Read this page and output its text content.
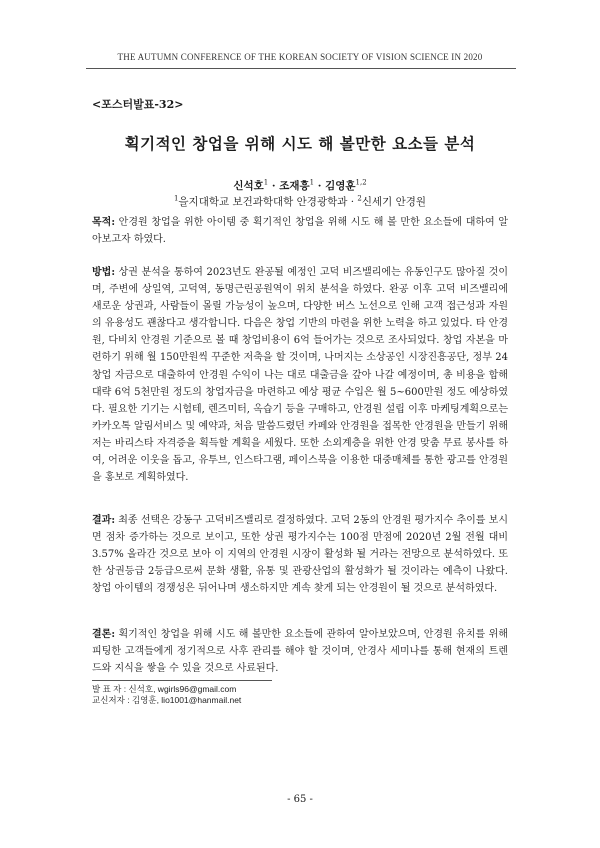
THE AUTUMN CONFERENCE OF THE KOREAN SOCIETY OF VISION SCIENCE IN 2020
<포스터발표-32>
획기적인 창업을 위해 시도 해 볼만한 요소들 분석
신석호$^1$ · 조재흥$^1$ · 김영훈$^{1,2}$
$^1$을지대학교 보건과학대학 안경광학과 · $^2$신세기 안경원
목적: 안경원 창업을 위한 아이템 중 획기적인 창업을 위해 시도 해 볼 만한 요소들에 대하여 알아보고자 하였다.
방법: 상권 분석을 통하여 2023년도 완공될 예정인 고덕 비즈밸리에는 유동인구도 많아질 것이며, 주변에 상일역, 고덕역, 동명근린공원역이 위치 분석을 하였다. 완공 이후 고덕 비즈밸리에 새로운 상권과, 사람들이 몰릴 가능성이 높으며, 다양한 버스 노선으로 인해 고객 접근성과 자원의 유용성도 괜찮다고 생각합니다. 다음은 창업 기반의 마련을 위한 노력을 하고 있었다. 타 안경원, 다비치 안경원 기준으로 볼 때 창업비용이 6억 들어가는 것으로 조사되었다. 창업 자본을 마련하기 위해 월 150만원씩 꾸준한 저축을 할 것이며, 나머지는 소상공인 시장진흥공단, 정부 24 창업 자금으로 대출하여 안경원 수익이 나는 대로 대출금을 갚아 나갈 예정이며, 총 비용을 합해 대략 6억 5천만원 정도의 창업자금을 마련하고 예상 평균 수입은 월 5~600만원 정도 예상하였다. 필요한 기기는 시험테, 렌즈미터, 옥습기 등을 구매하고, 안경원 설립 이후 마케팅계획으로는 카카오톡 알림서비스 및 예약과, 처음 말씀드렸던 카페와 안경원을 접목한 안경원을 만들기 위해 저는 바리스타 자격증을 획득할 계획을 세웠다. 또한 소외계층을 위한 안경 맞춤 무료 봉사를 하여, 어려운 이웃을 돕고, 유투브, 인스타그램, 페이스북을 이용한 대중매체를 통한 광고를 안경원을 홍보로 계획하였다.
결과: 최종 선택은 강동구 고덕비즈밸리로 결정하였다. 고덕 2동의 안경원 평가지수 추이를 보시면 점차 증가하는 것으로 보이고, 또한 상권 평가지수는 100점 만점에 2020년 2월 전월 대비 3.57% 올라간 것으로 보아 이 지역의 안경원 시장이 활성화 될 거라는 전망으로 분석하였다. 또한 상권등급 2등급으로써 문화 생활, 유통 및 관광산업의 활성화가 될 것이라는 예측이 나왔다. 창업 아이템의 경쟁성은 뒤어나며 생소하지만 계속 찾게 되는 안경원이 될 것으로 분석하였다.
결론: 획기적인 창업을 위해 시도 해 볼만한 요소들에 관하여 알아보았으며, 안경원 유치를 위해 피팅한 고객들에게 정기적으로 사후 관리를 해야 할 것이며, 안경사 세미나를 통해 현재의 트렌드와 지식을 쌓을 수 있을 것으로 사료된다.
발 표 자 : 신석호, wgirls96@gmail.com
교신저자 : 김영훈, lio1001@hanmail.net
- 65 -
